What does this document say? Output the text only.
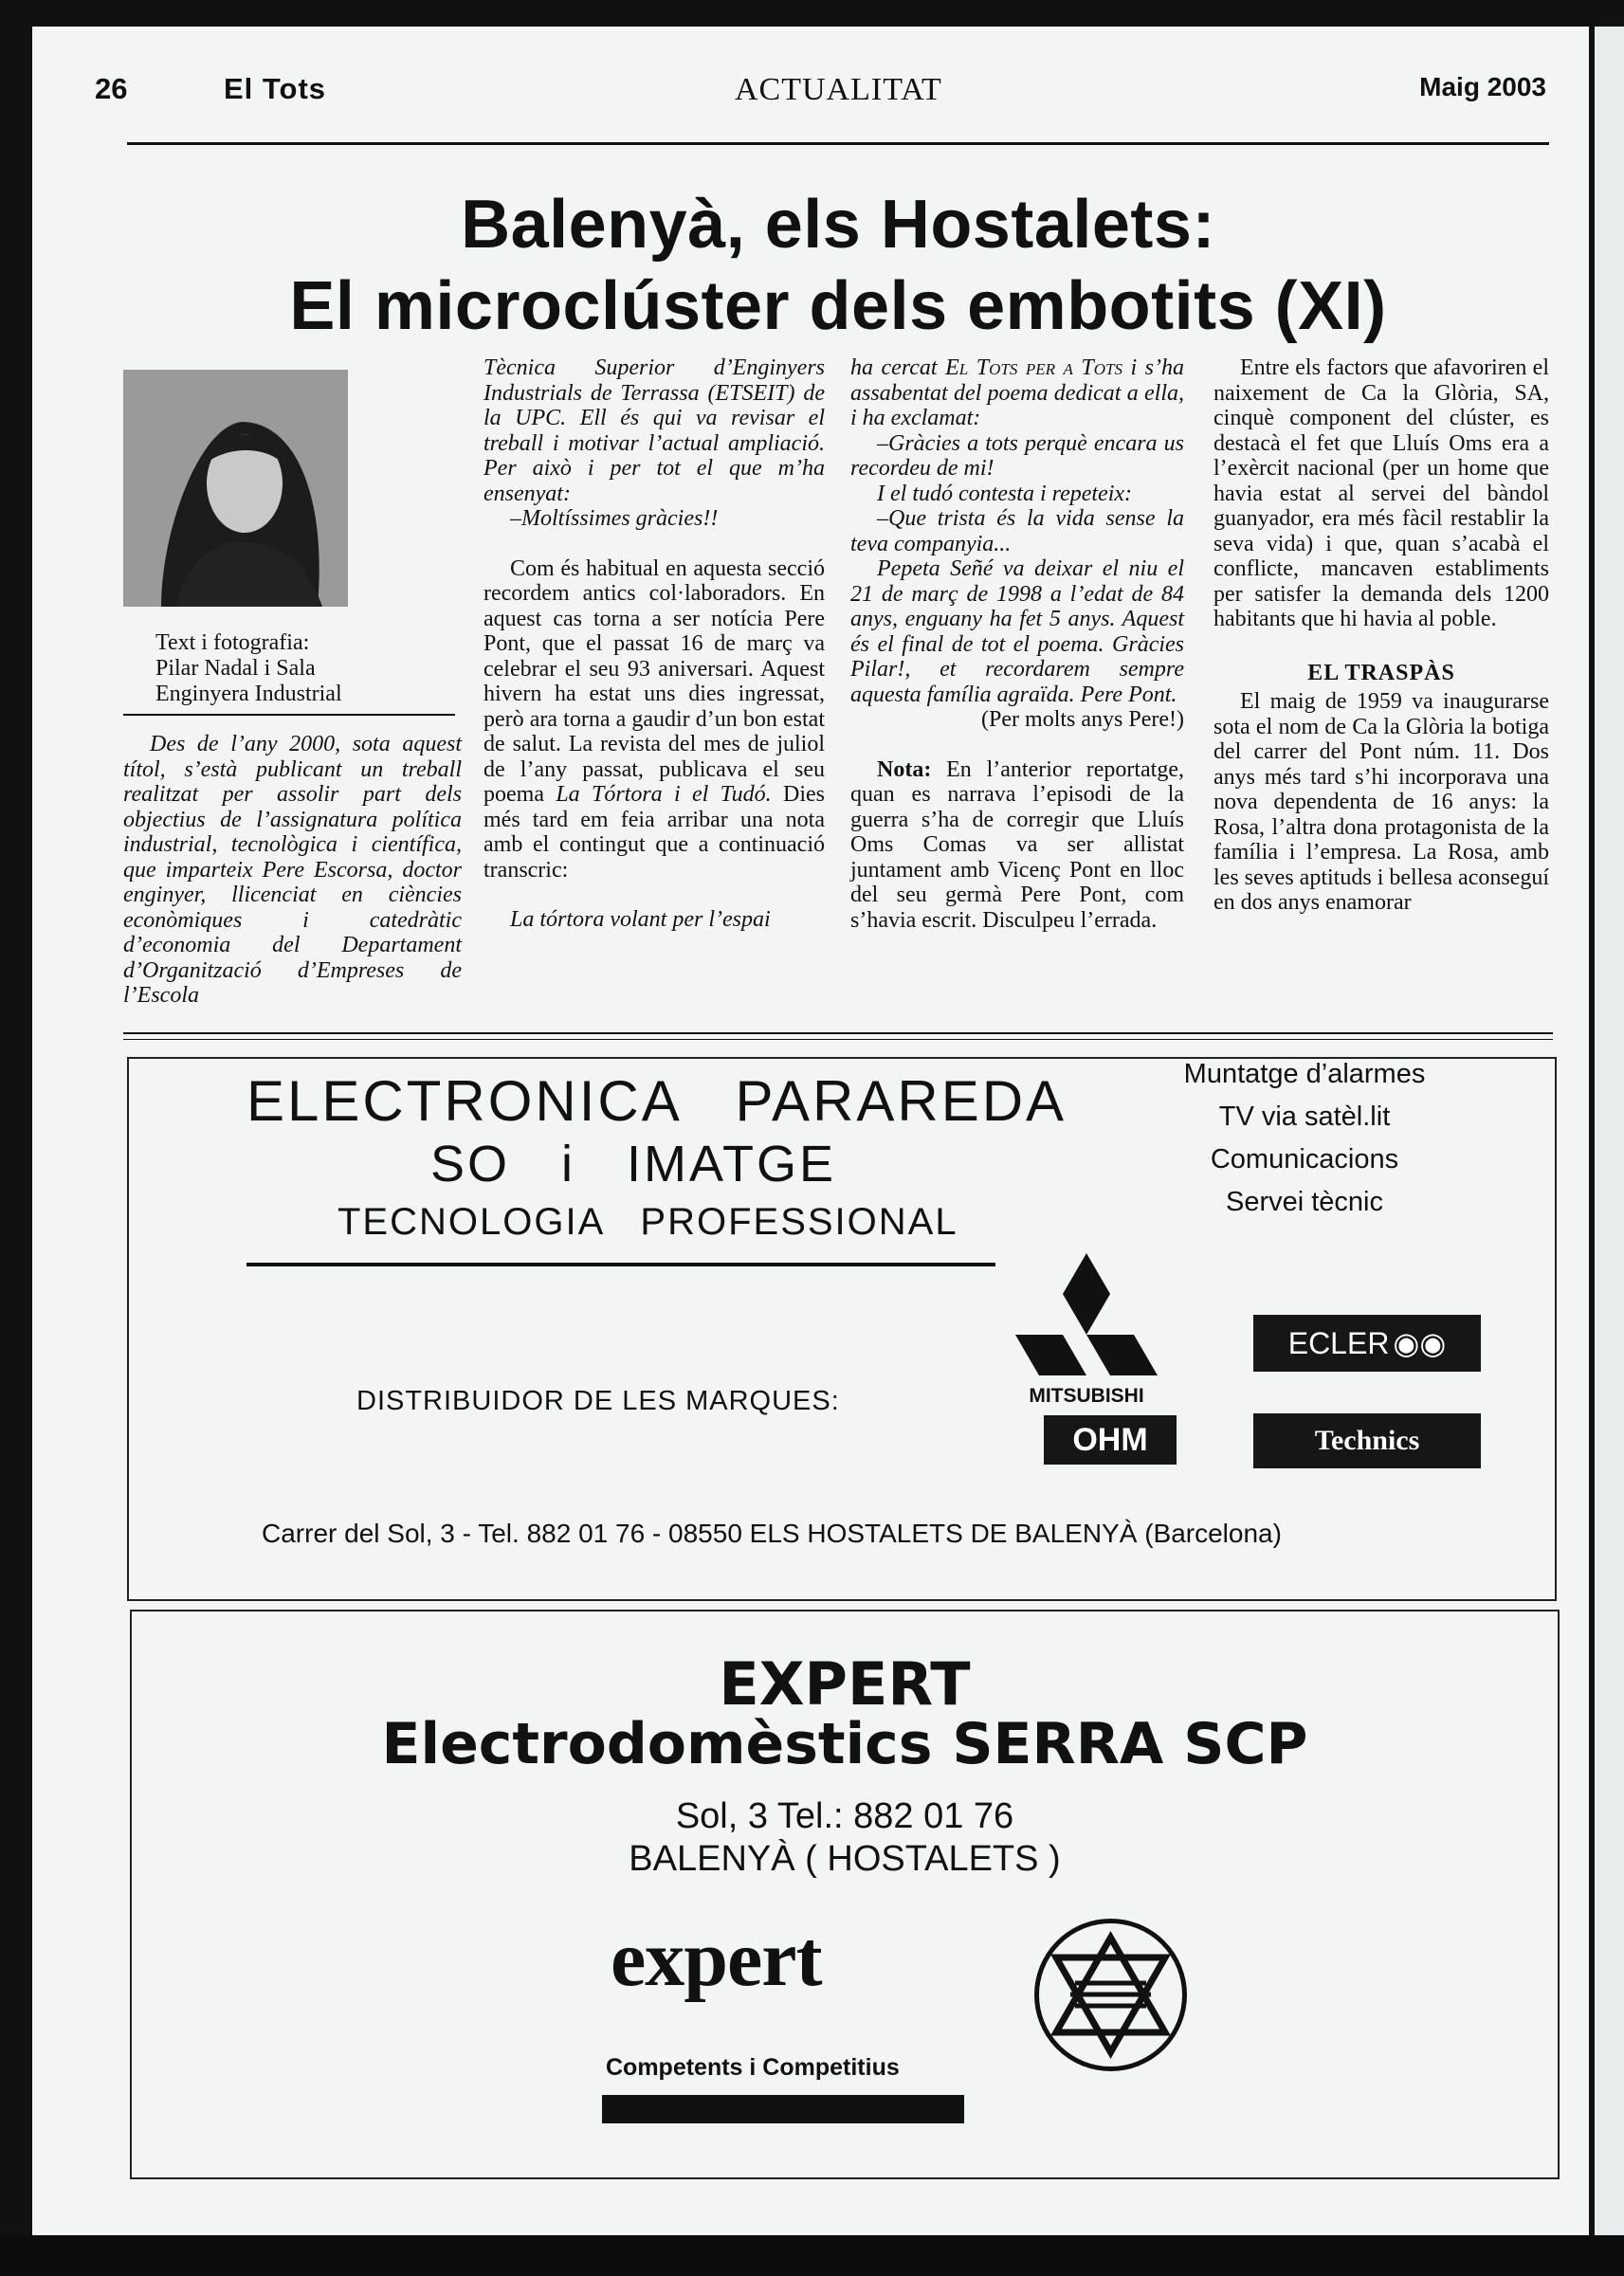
26	El Tots	ACTUALITAT	Maig 2003
Balenyà, els Hostalets:
El microclúster dels embotits (XI)
Text i fotografia:
Pilar Nadal i Sala
Enginyera Industrial

Des de l’any 2000, sota aquest títol, s’està publicant un treball realitzat per assolir part dels objectius de l’assignatura política industrial, tecnològica i científica, que imparteix Pere Escorsa, doctor enginyer, llicenciat en ciències econòmiques i catedràtic d’economia del Departament d’Organització d’Empreses de l’Escola

Tècnica Superior d’Enginyers Industrials de Terrassa (ETSEIT) de la UPC. Ell és qui va revisar el treball i motivar l’actual ampliació. Per això i per tot el que m’ha ensenyat:

–Moltíssimes gràcies!!

Com és habitual en aquesta secció recordem antics col·laboradors. En aquest cas torna a ser notícia Pere Pont, que el passat 16 de març va celebrar el seu 93 aniversari. Aquest hivern ha estat uns dies ingressat, però ara torna a gaudir d’un bon estat de salut. La revista del mes de juliol de l’any passat, publicava el seu poema La Tórtora i el Tudó. Dies més tard em feia arribar una nota amb el contingut que a continuació transcric:

La tórtora volant per l’espai

ha cercat El Tots per a Tots i s’ha assabentat del poema dedicat a ella, i ha exclamat:

–Gràcies a tots perquè encara us recordeu de mi!

I el tudó contesta i repeteix:

–Que trista és la vida sense la teva companyia...

Pepeta Señé va deixar el niu el 21 de març de 1998 a l’edat de 84 anys, enguany ha fet 5 anys. Aquest és el final de tot el poema. Gràcies Pilar!, et recordarem sempre aquesta família agraïda. Pere Pont.

(Per molts anys Pere!)

Nota: En l’anterior reportatge, quan es narrava l’episodi de la guerra s’ha de corregir que Lluís Oms Comas va ser allistat juntament amb Vicenç Pont en lloc del seu germà Pere Pont, com s’havia escrit. Disculpeu l’errada.

Entre els factors que afavoriren el naixement de Ca la Glòria, SA, cinquè component del clúster, es destacà el fet que Lluís Oms era a l’exèrcit nacional (per un home que havia estat al servei del bàndol guanyador, era més fàcil restablir la seva vida) i que, quan s’acabà el conflicte, mancaven establiments per satisfer la demanda dels 1200 habitants que hi havia al poble.

EL TRASPÀS

El maig de 1959 va inaugurarse sota el nom de Ca la Glòria la botiga del carrer del Pont núm. 11. Dos anys més tard s’hi incorporava una nova dependenta de 16 anys: la Rosa, l’altra dona protagonista de la família i l’empresa. La Rosa, amb les seves aptituds i bellesa aconseguí en dos anys enamorar

ELECTRONICA   PARAREDA
SO   i   IMATGE
TECNOLOGIA   PROFESSIONAL
Muntatge d’alarmes
TV via satèl.lit
Comunicacions
Servei tècnic
DISTRIBUIDOR DE LES MARQUES:	MITSUBISHI
OHM
ECLER ◉◉
Technics
Carrer del Sol, 3 - Tel. 882 01 76 - 08550 ELS HOSTALETS DE BALENYÀ (Barcelona)
EXPERT
Electrodomèstics SERRA SCP
Sol, 3 Tel.: 882 01 76
BALENYÀ ( HOSTALETS )
expert
Competents i Competitius
